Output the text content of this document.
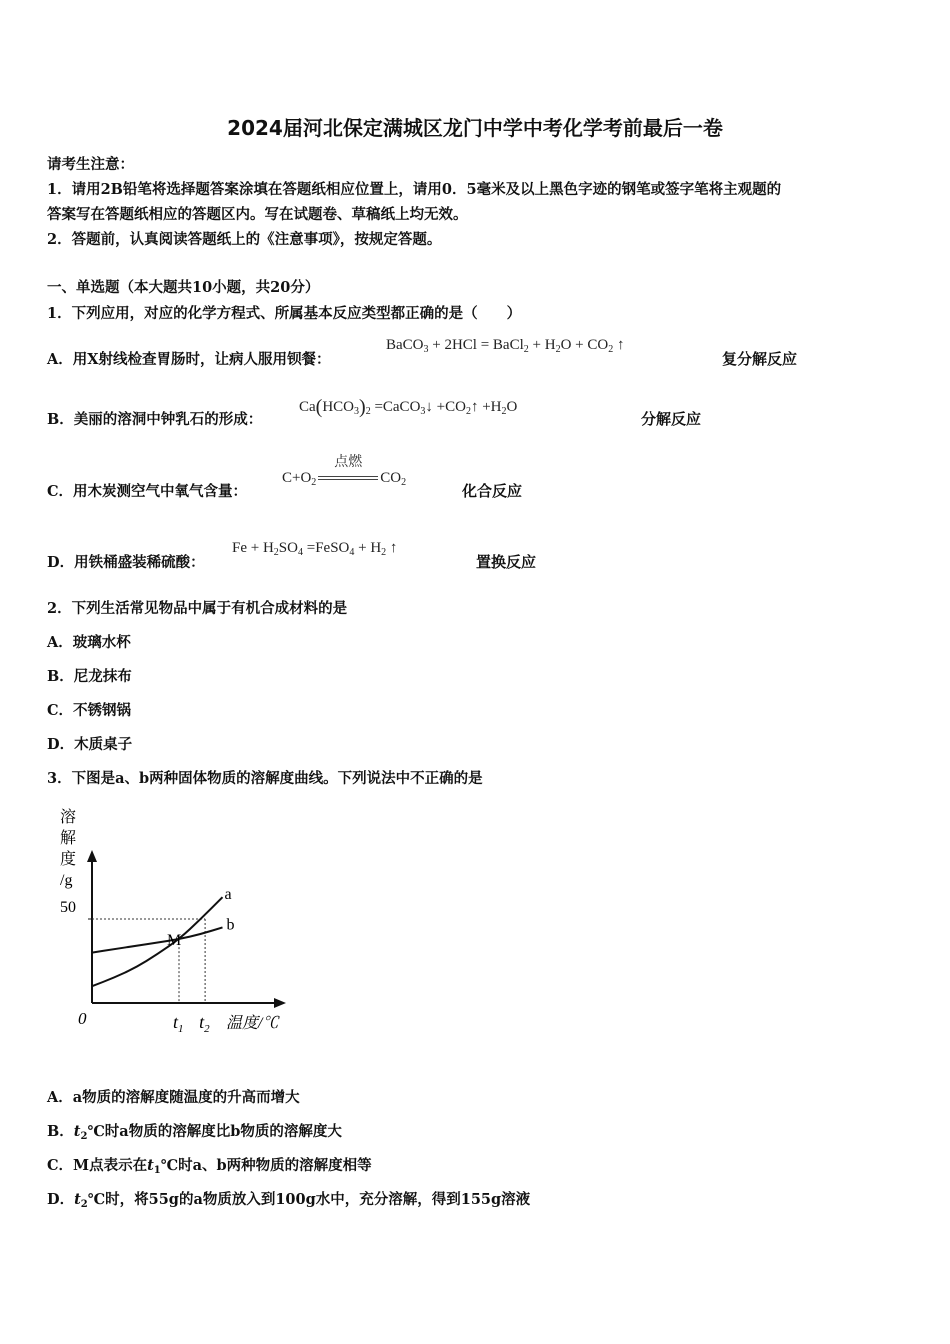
2024届河北保定满城区龙门中学中考化学考前最后一卷
请考生注意：
1．请用2B铅笔将选择题答案涂填在答题纸相应位置上，请用0．5毫米及以上黑色字迹的钢笔或签字笔将主观题的
答案写在答题纸相应的答题区内。写在试题卷、草稿纸上均无效。
2．答题前，认真阅读答题纸上的《注意事项》，按规定答题。
一、单选题（本大题共10小题，共20分）
1．下列应用，对应的化学方程式、所属基本反应类型都正确的是（　　）
A．用X射线检查胃肠时，让病人服用钡餐：
BaCO$_3$ + 2HCl = BaCl$_2$ + $H_2O + CO_2$ ↑
复分解反应
B．美丽的溶洞中钟乳石的形成：
$Ca(HCO_3)_2$ =CaCO$_3$↓ $+CO_2↑ +H_2O$
分解反应
C．用木炭测空气中氧气含量：
$C+O_2$
点燃
$CO_2$	化合反应
D．用铁桶盛装稀硫酸：
$Fe + H_2SO_4$ =FeSO$_4$ + $H_2$ ↑
置换反应
2．下列生活常见物品中属于有机合成材料的是
A．玻璃水杯
B．尼龙抹布
C．不锈钢锅
D．木质桌子
3．下图是a、b两种固体物质的溶解度曲线。下列说法中不正确的是
溶
解
度
/g
50
0
M
a
b
$t_1$ $t_2$ 温度/℃
A．a物质的溶解度随温度的升高而增大
B．$t_2℃$时a物质的溶解度比b物质的溶解度大
C．M点表示在$t_1℃$时a、b两种物质的溶解度相等
D．$t_2℃$时，将55g的a物质放入到100g水中，充分溶解，得到155g溶液
